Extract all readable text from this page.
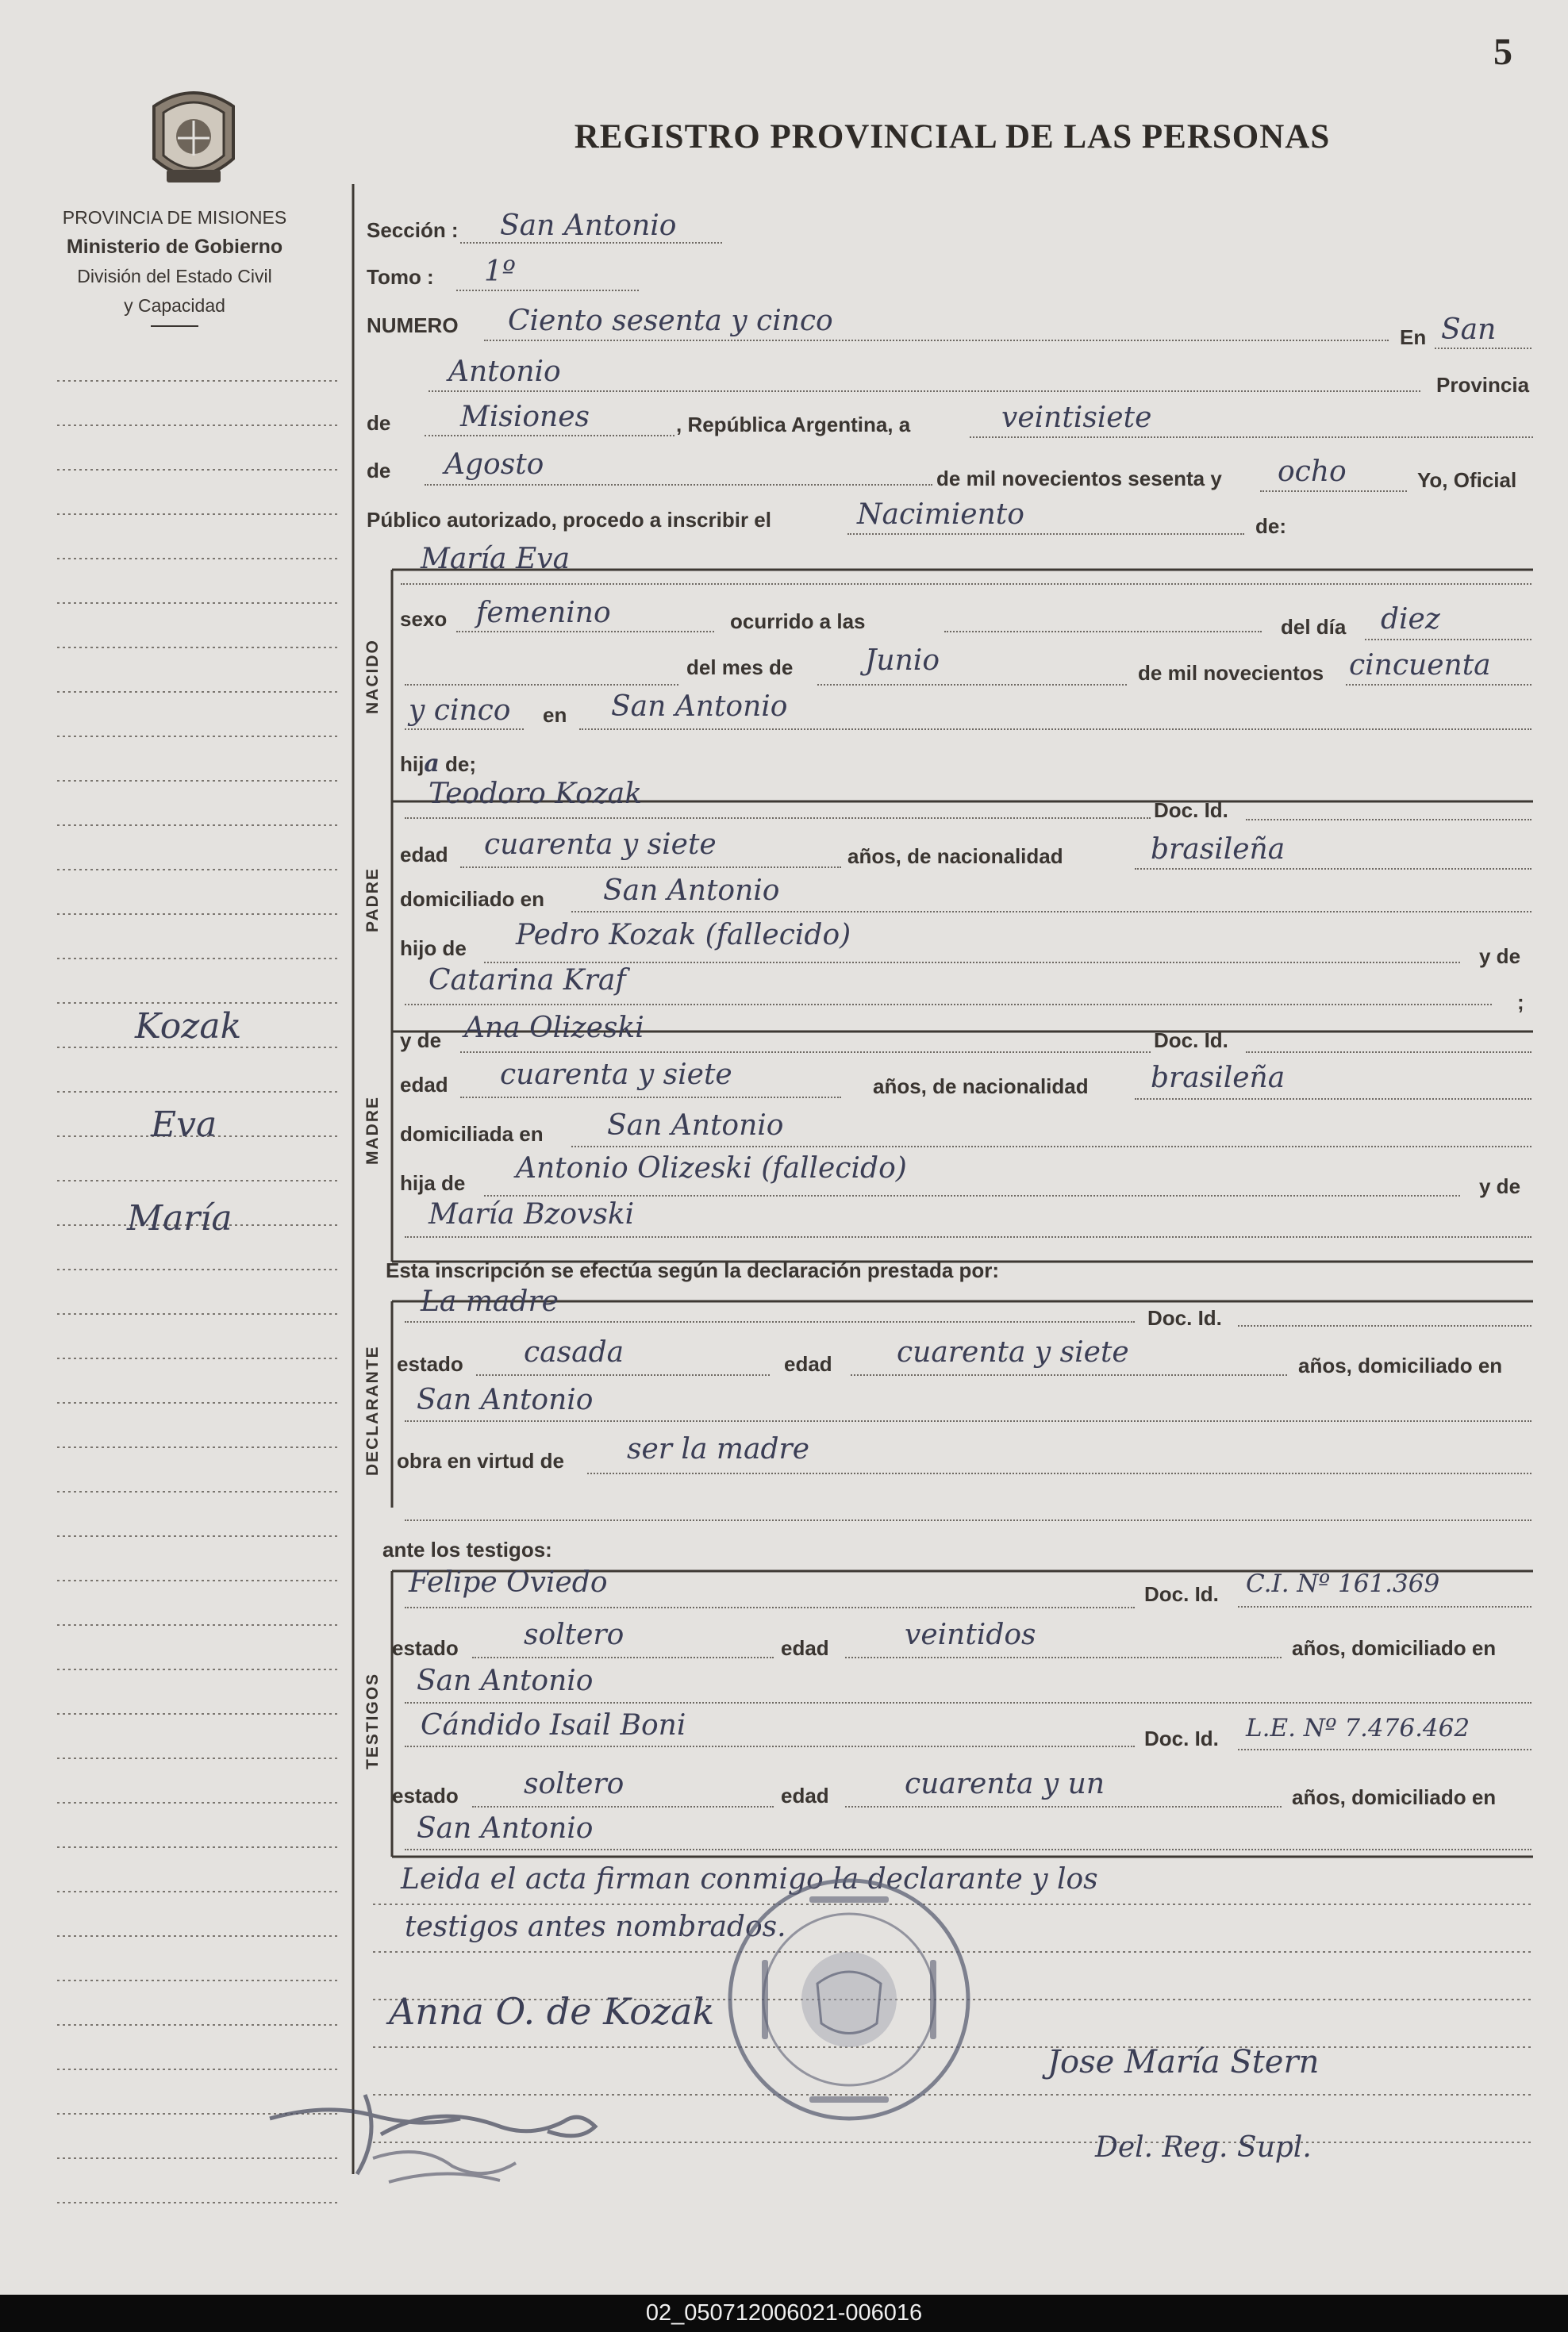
5
REGISTRO PROVINCIAL DE LAS PERSONAS
PROVINCIA DE MISIONES
Ministerio de Gobierno
División del Estado Civil
y Capacidad
NACIDO
PADRE
MADRE
DECLARANTE
TESTIGOS
Kozak
Eva
María
Sección : San Antonio
Tomo : 1º
NUMERO Ciento sesenta y cinco	En San
Antonio	Provincia
de Misiones	, República Argentina, a	veintisiete
de Agosto	de mil novecientos sesenta y ocho	Yo, Oficial
Público autorizado, procedo a inscribir el	Nacimiento	de:
María Eva
sexo femenino	ocurrido a las	del día diez
del mes de	Junio	de mil novecientos cincuenta
y cinco en San Antonio
hija de;
Teodoro Kozak	Doc. Id.
edad cuarenta y siete	años, de nacionalidad	brasileña
domiciliado en San Antonio
hijo de Pedro Kozak (fallecido)
y de
Catarina Kraf
;
y de Ana Olizeski	Doc. Id.
edad cuarenta y siete	años, de nacionalidad brasileña
domiciliada en San Antonio
hija de Antonio Olizeski (fallecido)
y de
María Bzovski
Esta inscripción se efectúa según la declaración prestada por:
La madre	Doc. Id.
estado casada	edad cuarenta y siete	años, domiciliado en
San Antonio
obra en virtud de ser la madre
ante los testigos:
Felipe Oviedo	Doc. Id. C.I. Nº 161.369
estado soltero	edad	veintidos	años, domiciliado en
San Antonio
Cándido Isail Boni	Doc. Id. L.E. Nº 7.476.462
estado soltero	edad	cuarenta y un	años, domiciliado en
San Antonio
Leida el acta firman conmigo la declarante y los
testigos antes nombrados.
Anna O. de Kozak
Jose María Stern
Del. Reg. Supl.
02_050712006021-006016
